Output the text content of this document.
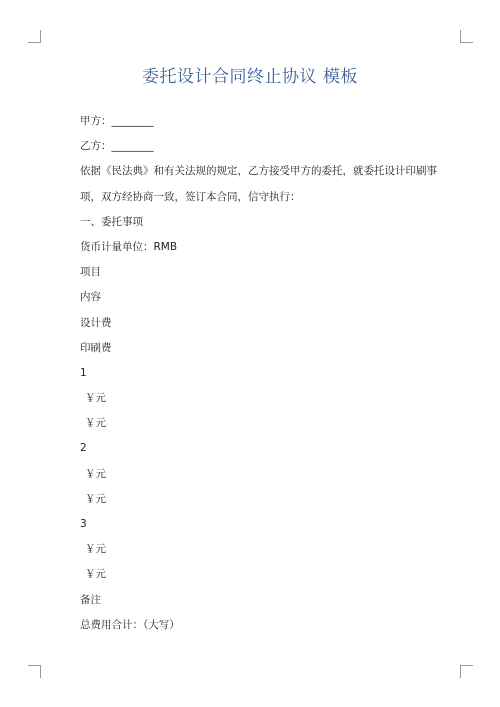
委托设计合同终止协议 模板
甲方：________
乙方：________
依据《民法典》和有关法规的规定，乙方接受甲方的委托，就委托设计印刷事项，双方经协商一致，签订本合同，信守执行：
一、委托事项
货币计量单位：RMB
项目
内容
设计费
印刷费
1
￥元
￥元
2
￥元
￥元
3
￥元
￥元
备注
总费用合计：（大写）
